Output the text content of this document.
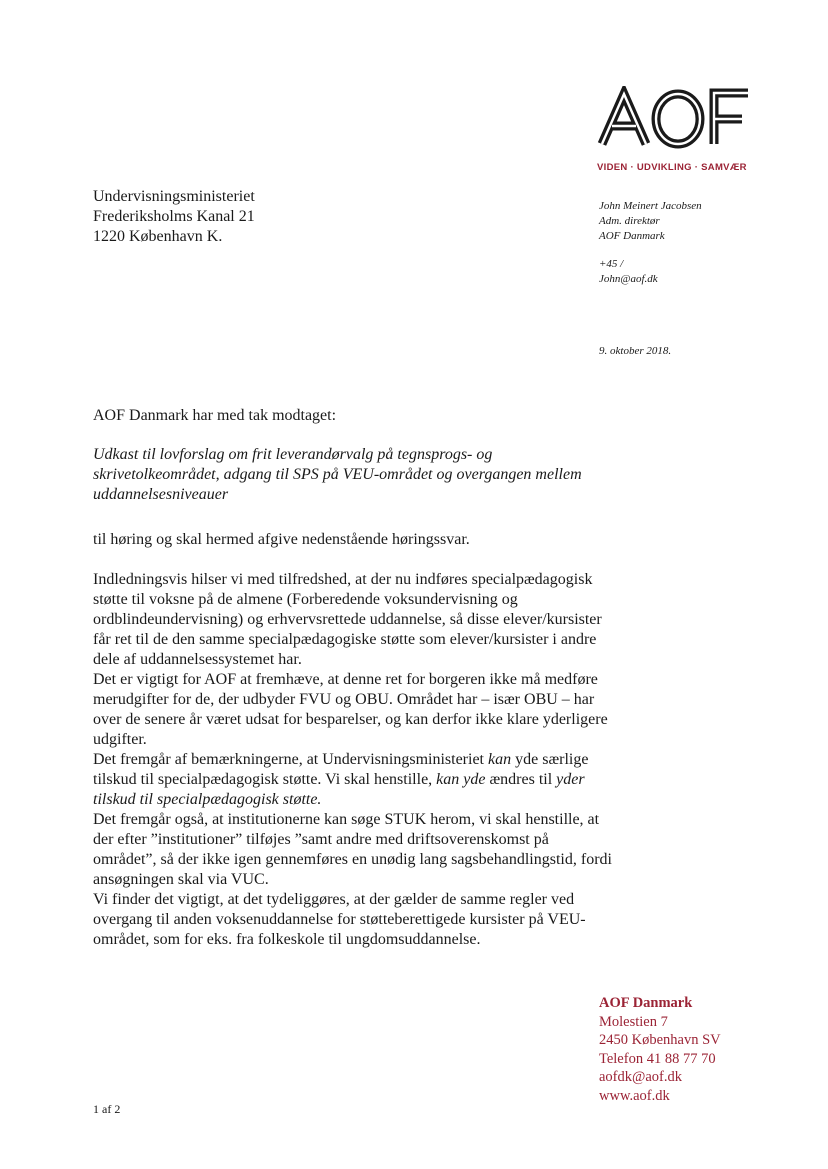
VIDEN · UDVIKLING · SAMVÆR
Undervisningsministeriet
Frederiksholms Kanal 21
1220 København K.
John Meinert Jacobsen
Adm. direktør
AOF Danmark
+45 /
John@aof.dk
9. oktober 2018.
AOF Danmark har med tak modtaget:
Udkast til lovforslag om frit leverandørvalg på tegnsprogs- og
skrivetolkeområdet, adgang til SPS på VEU-området og overgangen mellem
uddannelsesniveauer
til høring og skal hermed afgive nedenstående høringssvar.
Indledningsvis hilser vi med tilfredshed, at der nu indføres specialpædagogisk
støtte til voksne på de almene (Forberedende voksundervisning og
ordblindeundervisning) og erhvervsrettede uddannelse, så disse elever/kursister
får ret til de den samme specialpædagogiske støtte som elever/kursister i andre
dele af uddannelsessystemet har.
Det er vigtigt for AOF at fremhæve, at denne ret for borgeren ikke må medføre
merudgifter for de, der udbyder FVU og OBU. Området har – især OBU – har
over de senere år været udsat for besparelser, og kan derfor ikke klare yderligere
udgifter.
Det fremgår af bemærkningerne, at Undervisningsministeriet kan yde særlige
tilskud til specialpædagogisk støtte. Vi skal henstille, kan yde ændres til yder
tilskud til specialpædagogisk støtte.
Det fremgår også, at institutionerne kan søge STUK herom, vi skal henstille, at
der efter ”institutioner” tilføjes ”samt andre med driftsoverenskomst på
området”, så der ikke igen gennemføres en unødig lang sagsbehandlingstid, fordi
ansøgningen skal via VUC.
Vi finder det vigtigt, at det tydeliggøres, at der gælder de samme regler ved
overgang til anden voksenuddannelse for støtteberettigede kursister på VEU-
området, som for eks. fra folkeskole til ungdomsuddannelse.
AOF Danmark
Molestien 7
2450 København SV
Telefon 41 88 77 70
aofdk@aof.dk
www.aof.dk
1 af 2
